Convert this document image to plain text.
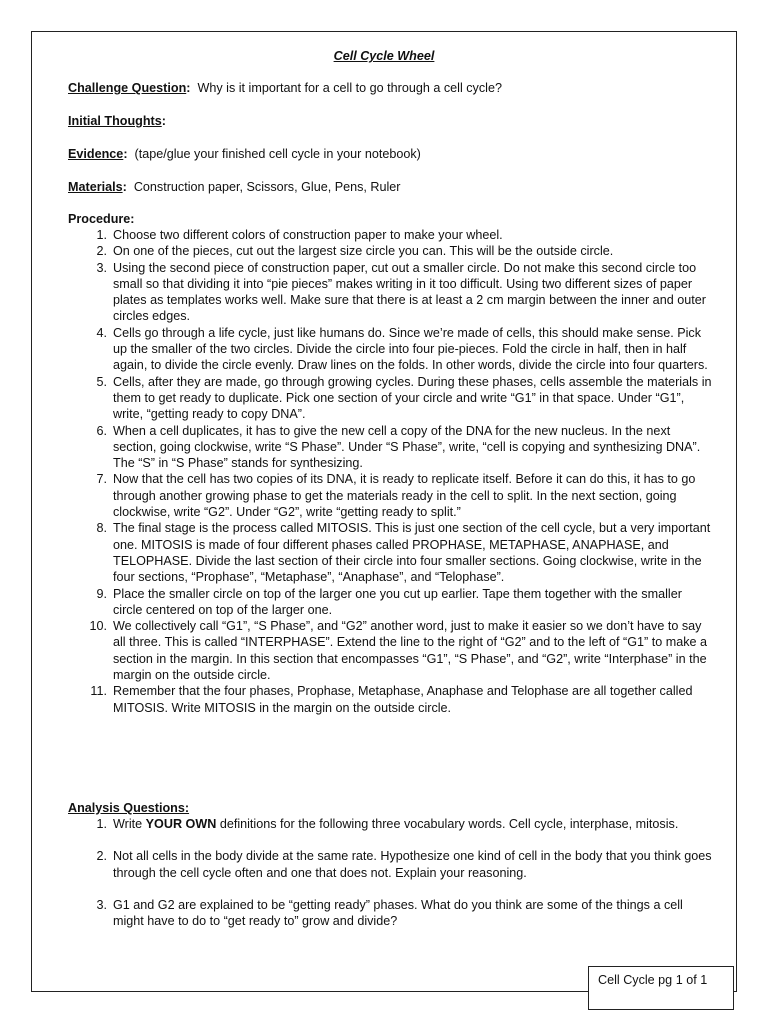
Cell Cycle Wheel
Challenge Question: Why is it important for a cell to go through a cell cycle?
Initial Thoughts:
Evidence: (tape/glue your finished cell cycle in your notebook)
Materials: Construction paper, Scissors, Glue, Pens, Ruler
Procedure:
Choose two different colors of construction paper to make your wheel.
On one of the pieces, cut out the largest size circle you can. This will be the outside circle.
Using the second piece of construction paper, cut out a smaller circle. Do not make this second circle too small so that dividing it into “pie pieces” makes writing in it too difficult. Using two different sizes of paper plates as templates works well. Make sure that there is at least a 2 cm margin between the inner and outer circles edges.
Cells go through a life cycle, just like humans do. Since we’re made of cells, this should make sense. Pick up the smaller of the two circles. Divide the circle into four pie-pieces. Fold the circle in half, then in half again, to divide the circle evenly. Draw lines on the folds. In other words, divide the circle into four quarters.
Cells, after they are made, go through growing cycles. During these phases, cells assemble the materials in them to get ready to duplicate. Pick one section of your circle and write “G1” in that space. Under “G1”, write, “getting ready to copy DNA”.
When a cell duplicates, it has to give the new cell a copy of the DNA for the new nucleus. In the next section, going clockwise, write “S Phase”. Under “S Phase”, write, “cell is copying and synthesizing DNA”. The “S” in “S Phase” stands for synthesizing.
Now that the cell has two copies of its DNA, it is ready to replicate itself. Before it can do this, it has to go through another growing phase to get the materials ready in the cell to split. In the next section, going clockwise, write “G2”. Under “G2”, write “getting ready to split.”
The final stage is the process called MITOSIS. This is just one section of the cell cycle, but a very important one. MITOSIS is made of four different phases called PROPHASE, METAPHASE, ANAPHASE, and TELOPHASE. Divide the last section of their circle into four smaller sections. Going clockwise, write in the four sections, “Prophase”, “Metaphase”, “Anaphase”, and “Telophase”.
Place the smaller circle on top of the larger one you cut up earlier. Tape them together with the smaller circle centered on top of the larger one.
We collectively call “G1”, “S Phase”, and “G2” another word, just to make it easier so we don’t have to say all three. This is called “INTERPHASE”. Extend the line to the right of “G2” and to the left of “G1” to make a section in the margin. In this section that encompasses “G1”, “S Phase”, and “G2”, write “Interphase” in the margin on the outside circle.
Remember that the four phases, Prophase, Metaphase, Anaphase and Telophase are all together called MITOSIS. Write MITOSIS in the margin on the outside circle.
Analysis Questions:
1. Write YOUR OWN definitions for the following three vocabulary words. Cell cycle, interphase, mitosis.
2. Not all cells in the body divide at the same rate. Hypothesize one kind of cell in the body that you think goes through the cell cycle often and one that does not. Explain your reasoning.
3. G1 and G2 are explained to be “getting ready” phases. What do you think are some of the things a cell might have to do to “get ready to” grow and divide?
Cell Cycle pg 1 of 1
